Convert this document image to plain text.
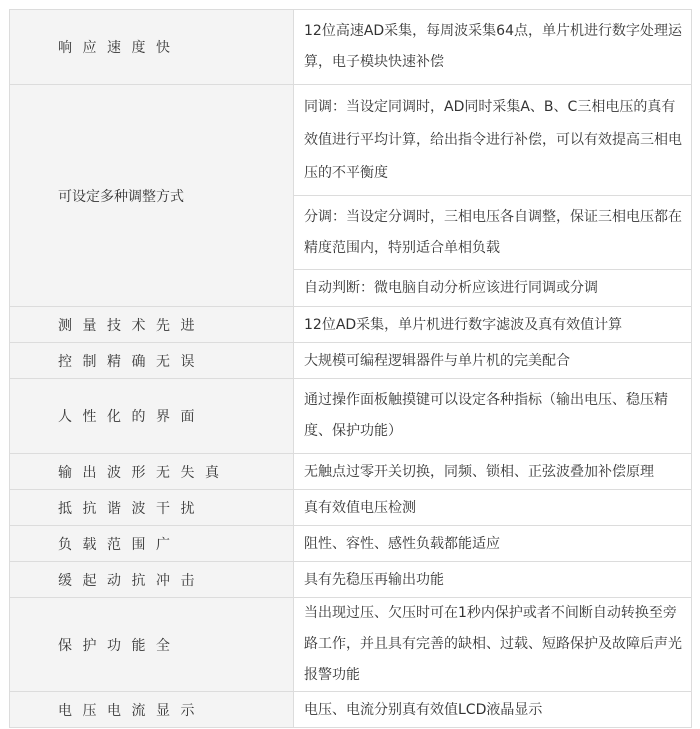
响应速度快	12位高速AD采集，每周波采集64点，单片机进行数字处理运算，电子模块快速补偿
可设定多种调整方式	同调：当设定同调时，AD同时采集A、B、C三相电压的真有效值进行平均计算，给出指令进行补偿，可以有效提高三相电压的不平衡度
	分调：当设定分调时，三相电压各自调整，保证三相电压都在精度范围内，特别适合单相负载
	自动判断：微电脑自动分析应该进行同调或分调
测量技术先进	12位AD采集，单片机进行数字滤波及真有效值计算
控制精确无误	大规模可编程逻辑器件与单片机的完美配合
人性化的界面	通过操作面板触摸键可以设定各种指标（输出电压、稳压精度、保护功能）
输出波形无失真	无触点过零开关切换，同频、锁相、正弦波叠加补偿原理
抵抗谐波干扰	真有效值电压检测
负载范围广	阻性、容性、感性负载都能适应
缓起动抗冲击	具有先稳压再输出功能
保护功能全	当出现过压、欠压时可在1秒内保护或者不间断自动转换至旁路工作，并且具有完善的缺相、过载、短路保护及故障后声光报警功能
电压电流显示	电压、电流分别真有效值LCD液晶显示
